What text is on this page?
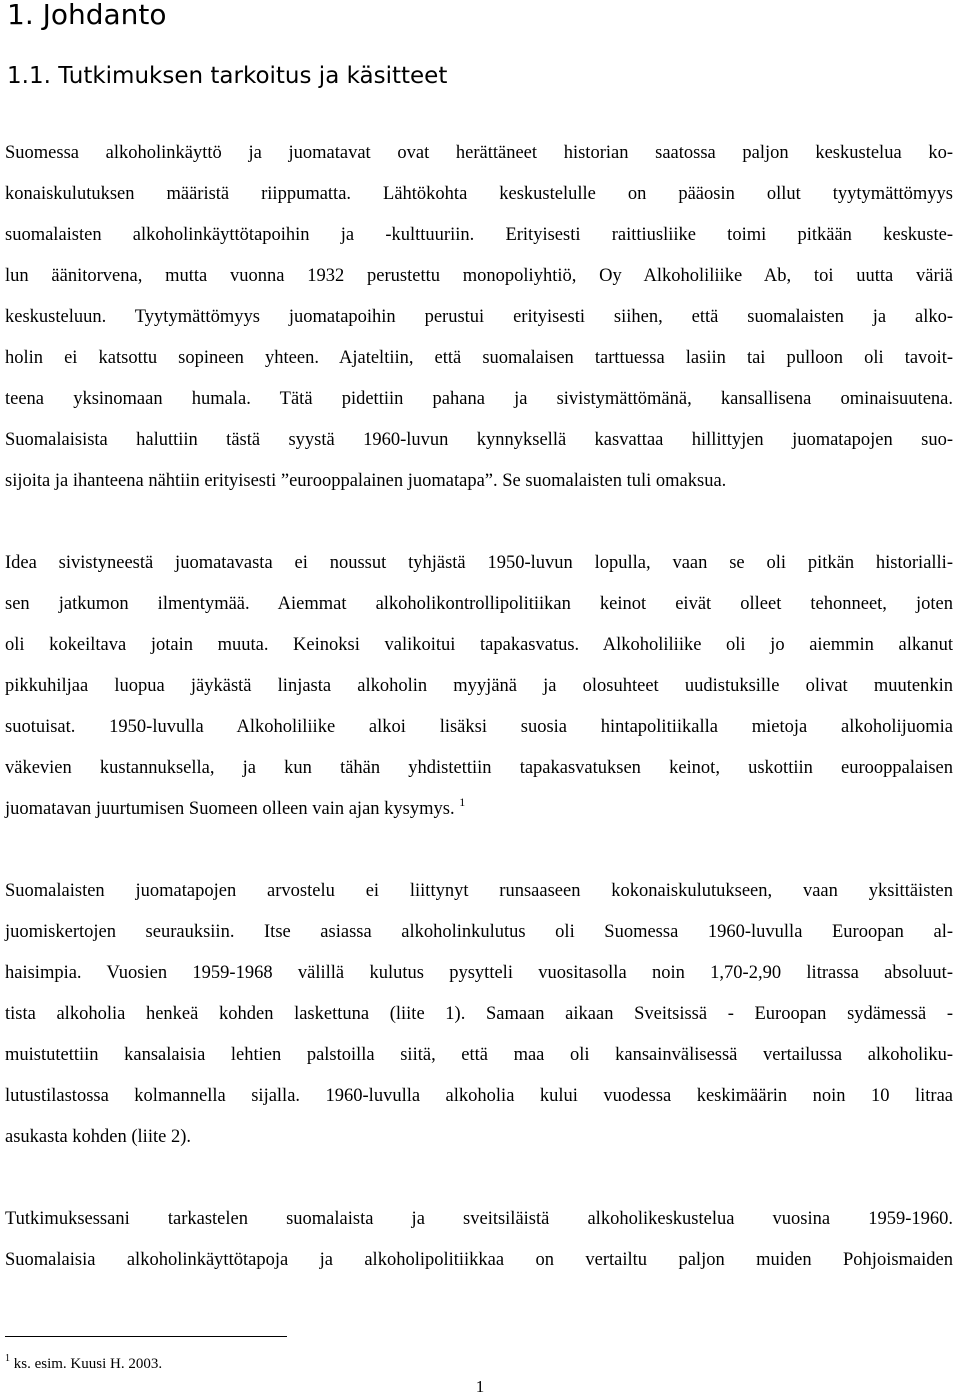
1. Johdanto
1.1. Tutkimuksen tarkoitus ja käsitteet
Suomessa alkoholinkäyttö ja juomatavat ovat herättäneet historian saatossa paljon keskustelua ko-
konaiskulutuksen määristä riippumatta. Lähtökohta keskustelulle on pääosin ollut tyytymättömyys
suomalaisten alkoholinkäyttötapoihin ja -kulttuuriin. Erityisesti raittiusliike toimi pitkään keskuste-
lun äänitorvena, mutta vuonna 1932 perustettu monopoliyhtiö, Oy Alkoholiliike Ab, toi uutta väriä
keskusteluun. Tyytymättömyys juomatapoihin perustui erityisesti siihen, että suomalaisten ja alko-
holin ei katsottu sopineen yhteen. Ajateltiin, että suomalaisen tarttuessa lasiin tai pulloon oli tavoit-
teena yksinomaan humala. Tätä pidettiin pahana ja sivistymättömänä, kansallisena ominaisuutena.
Suomalaisista haluttiin tästä syystä 1960-luvun kynnyksellä kasvattaa hillittyjen juomatapojen suo-
sijoita ja ihanteena nähtiin erityisesti ”eurooppalainen juomatapa”. Se suomalaisten tuli omaksua.
Idea sivistyneestä juomatavasta ei noussut tyhjästä 1950-luvun lopulla, vaan se oli pitkän historialli-
sen jatkumon ilmentymää. Aiemmat alkoholikontrollipolitiikan keinot eivät olleet tehonneet, joten
oli kokeiltava jotain muuta. Keinoksi valikoitui tapakasvatus. Alkoholiliike oli jo aiemmin alkanut
pikkuhiljaa luopua jäykästä linjasta alkoholin myyjänä ja olosuhteet uudistuksille olivat muutenkin
suotuisat. 1950-luvulla Alkoholiliike alkoi lisäksi suosia hintapolitiikalla mietoja alkoholijuomia
väkevien kustannuksella, ja kun tähän yhdistettiin tapakasvatuksen keinot, uskottiin eurooppalaisen
juomatavan juurtumisen Suomeen olleen vain ajan kysymys. $^1$
Suomalaisten juomatapojen arvostelu ei liittynyt runsaaseen kokonaiskulutukseen, vaan yksittäisten
juomiskertojen seurauksiin. Itse asiassa alkoholinkulutus oli Suomessa 1960-luvulla Euroopan al-
haisimpia. Vuosien 1959-1968 välillä kulutus pysytteli vuositasolla noin 1,70-2,90 litrassa absoluut-
tista alkoholia henkeä kohden laskettuna (liite 1). Samaan aikaan Sveitsissä - Euroopan sydämessä -
muistutettiin kansalaisia lehtien palstoilla siitä, että maa oli kansainvälisessä vertailussa alkoholiku-
lutustilastossa kolmannella sijalla. 1960-luvulla alkoholia kului vuodessa keskimäärin noin 10 litraa
asukasta kohden (liite 2).
Tutkimuksessani tarkastelen suomalaista ja sveitsiläistä alkoholikeskustelua vuosina 1959-1960.
Suomalaisia alkoholinkäyttötapoja ja alkoholipolitiikkaa on vertailtu paljon muiden Pohjoismaiden
$^1$ ks. esim. Kuusi H. 2003.
1
